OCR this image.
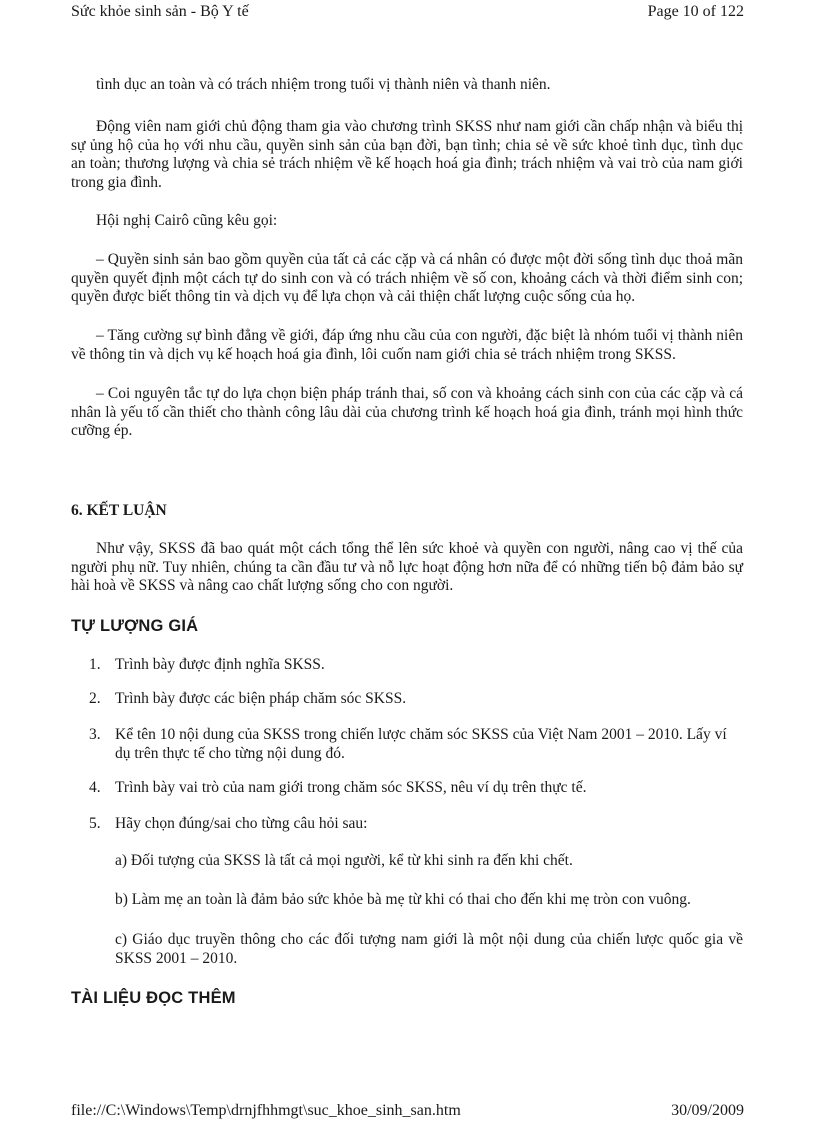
Sức khỏe sinh sản - Bộ Y tế	Page 10 of 122

tình dục an toàn và có trách nhiệm trong tuổi vị thành niên và thanh niên.

Động viên nam giới chủ động tham gia vào chương trình SKSS như nam giới cần chấp nhận và biểu thị sự ủng hộ của họ với nhu cầu, quyền sinh sản của bạn đời, bạn tình; chia sẻ về sức khoẻ tình dục, tình dục an toàn; thương lượng và chia sẻ trách nhiệm về kế hoạch hoá gia đình; trách nhiệm và vai trò của nam giới trong gia đình.

Hội nghị Cairô cũng kêu gọi:

– Quyền sinh sản bao gồm quyền của tất cả các cặp và cá nhân có được một đời sống tình dục thoả mãn quyền quyết định một cách tự do sinh con và có trách nhiệm về số con, khoảng cách và thời điểm sinh con; quyền được biết thông tin và dịch vụ để lựa chọn và cải thiện chất lượng cuộc sống của họ.

– Tăng cường sự bình đẳng về giới, đáp ứng nhu cầu của con người, đặc biệt là nhóm tuổi vị thành niên về thông tin và dịch vụ kế hoạch hoá gia đình, lôi cuốn nam giới chia sẻ trách nhiệm trong SKSS.

– Coi nguyên tắc tự do lựa chọn biện pháp tránh thai, số con và khoảng cách sinh con của các cặp và cá nhân là yếu tố cần thiết cho thành công lâu dài của chương trình kế hoạch hoá gia đình, tránh mọi hình thức cưỡng ép.

6. KẾT LUẬN

Như vậy, SKSS đã bao quát một cách tổng thể lên sức khoẻ và quyền con người, nâng cao vị thế của người phụ nữ. Tuy nhiên, chúng ta cần đầu tư và nỗ lực hoạt động hơn nữa để có những tiến bộ đảm bảo sự hài hoà về SKSS và nâng cao chất lượng sống cho con người.

TỰ LƯỢNG GIÁ
1. Trình bày được định nghĩa SKSS.
2. Trình bày được các biện pháp chăm sóc SKSS.
3. Kể tên 10 nội dung của SKSS trong chiến lược chăm sóc SKSS của Việt Nam 2001 – 2010. Lấy ví dụ trên thực tế cho từng nội dung đó.
4. Trình bày vai trò của nam giới trong chăm sóc SKSS, nêu ví dụ trên thực tế.
5. Hãy chọn đúng/sai cho từng câu hỏi sau:

a) Đối tượng của SKSS là tất cả mọi người, kể từ khi sinh ra đến khi chết.

b) Làm mẹ an toàn là đảm bảo sức khỏe bà mẹ từ khi có thai cho đến khi mẹ tròn con vuông.

c) Giáo dục truyền thông cho các đối tượng nam giới là một nội dung của chiến lược quốc gia về SKSS 2001 – 2010.

TÀI LIỆU ĐỌC THÊM
file://C:\Windows\Temp\drnjfhhmgt\suc_khoe_sinh_san.htm	30/09/2009
